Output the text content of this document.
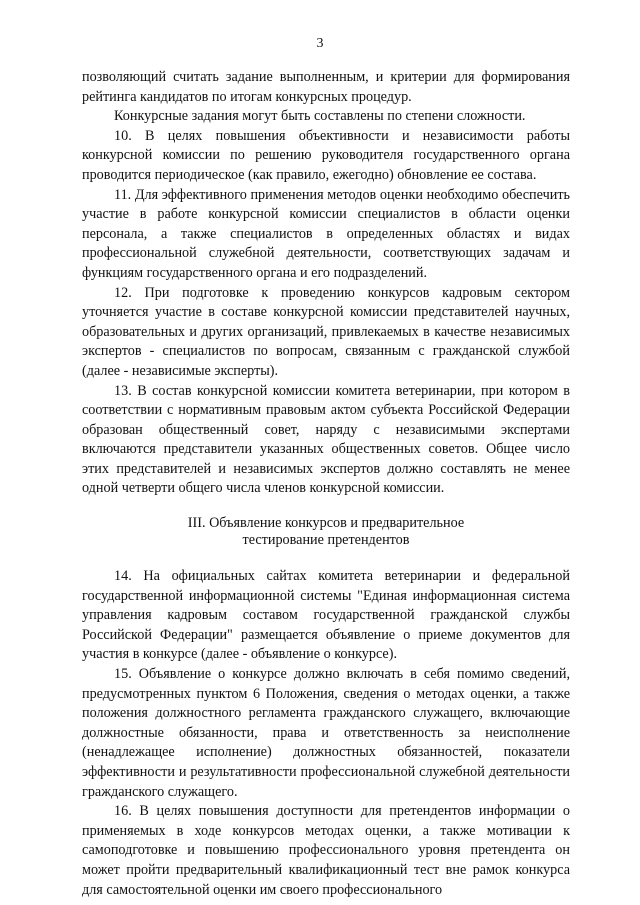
3

позволяющий считать задание выполненным, и критерии для формирования рейтинга кандидатов по итогам конкурсных процедур.

Конкурсные задания могут быть составлены по степени сложности.

10. В целях повышения объективности и независимости работы конкурсной комиссии по решению руководителя государственного органа проводится периодическое (как правило, ежегодно) обновление ее состава.

11. Для эффективного применения методов оценки необходимо обеспечить участие в работе конкурсной комиссии специалистов в области оценки персонала, а также специалистов в определенных областях и видах профессиональной служебной деятельности, соответствующих задачам и функциям государственного органа и его подразделений.

12. При подготовке к проведению конкурсов кадровым сектором уточняется участие в составе конкурсной комиссии представителей научных, образовательных и других организаций, привлекаемых в качестве независимых экспертов - специалистов по вопросам, связанным с гражданской службой (далее - независимые эксперты).

13. В состав конкурсной комиссии комитета ветеринарии, при котором в соответствии с нормативным правовым актом субъекта Российской Федерации образован общественный совет, наряду с независимыми экспертами включаются представители указанных общественных советов. Общее число этих представителей и независимых экспертов должно составлять не менее одной четверти общего числа членов конкурсной комиссии.

III. Объявление конкурсов и предварительное
тестирование претендентов

14. На официальных сайтах комитета ветеринарии и федеральной государственной информационной системы "Единая информационная система управления кадровым составом государственной гражданской службы Российской Федерации" размещается объявление о приеме документов для участия в конкурсе (далее - объявление о конкурсе).

15. Объявление о конкурсе должно включать в себя помимо сведений, предусмотренных пунктом 6 Положения, сведения о методах оценки, а также положения должностного регламента гражданского служащего, включающие должностные обязанности, права и ответственность за неисполнение (ненадлежащее исполнение) должностных обязанностей, показатели эффективности и результативности профессиональной служебной деятельности гражданского служащего.

16. В целях повышения доступности для претендентов информации о применяемых в ходе конкурсов методах оценки, а также мотивации к самоподготовке и повышению профессионального уровня претендента он может пройти предварительный квалификационный тест вне рамок конкурса для самостоятельной оценки им своего профессионального
